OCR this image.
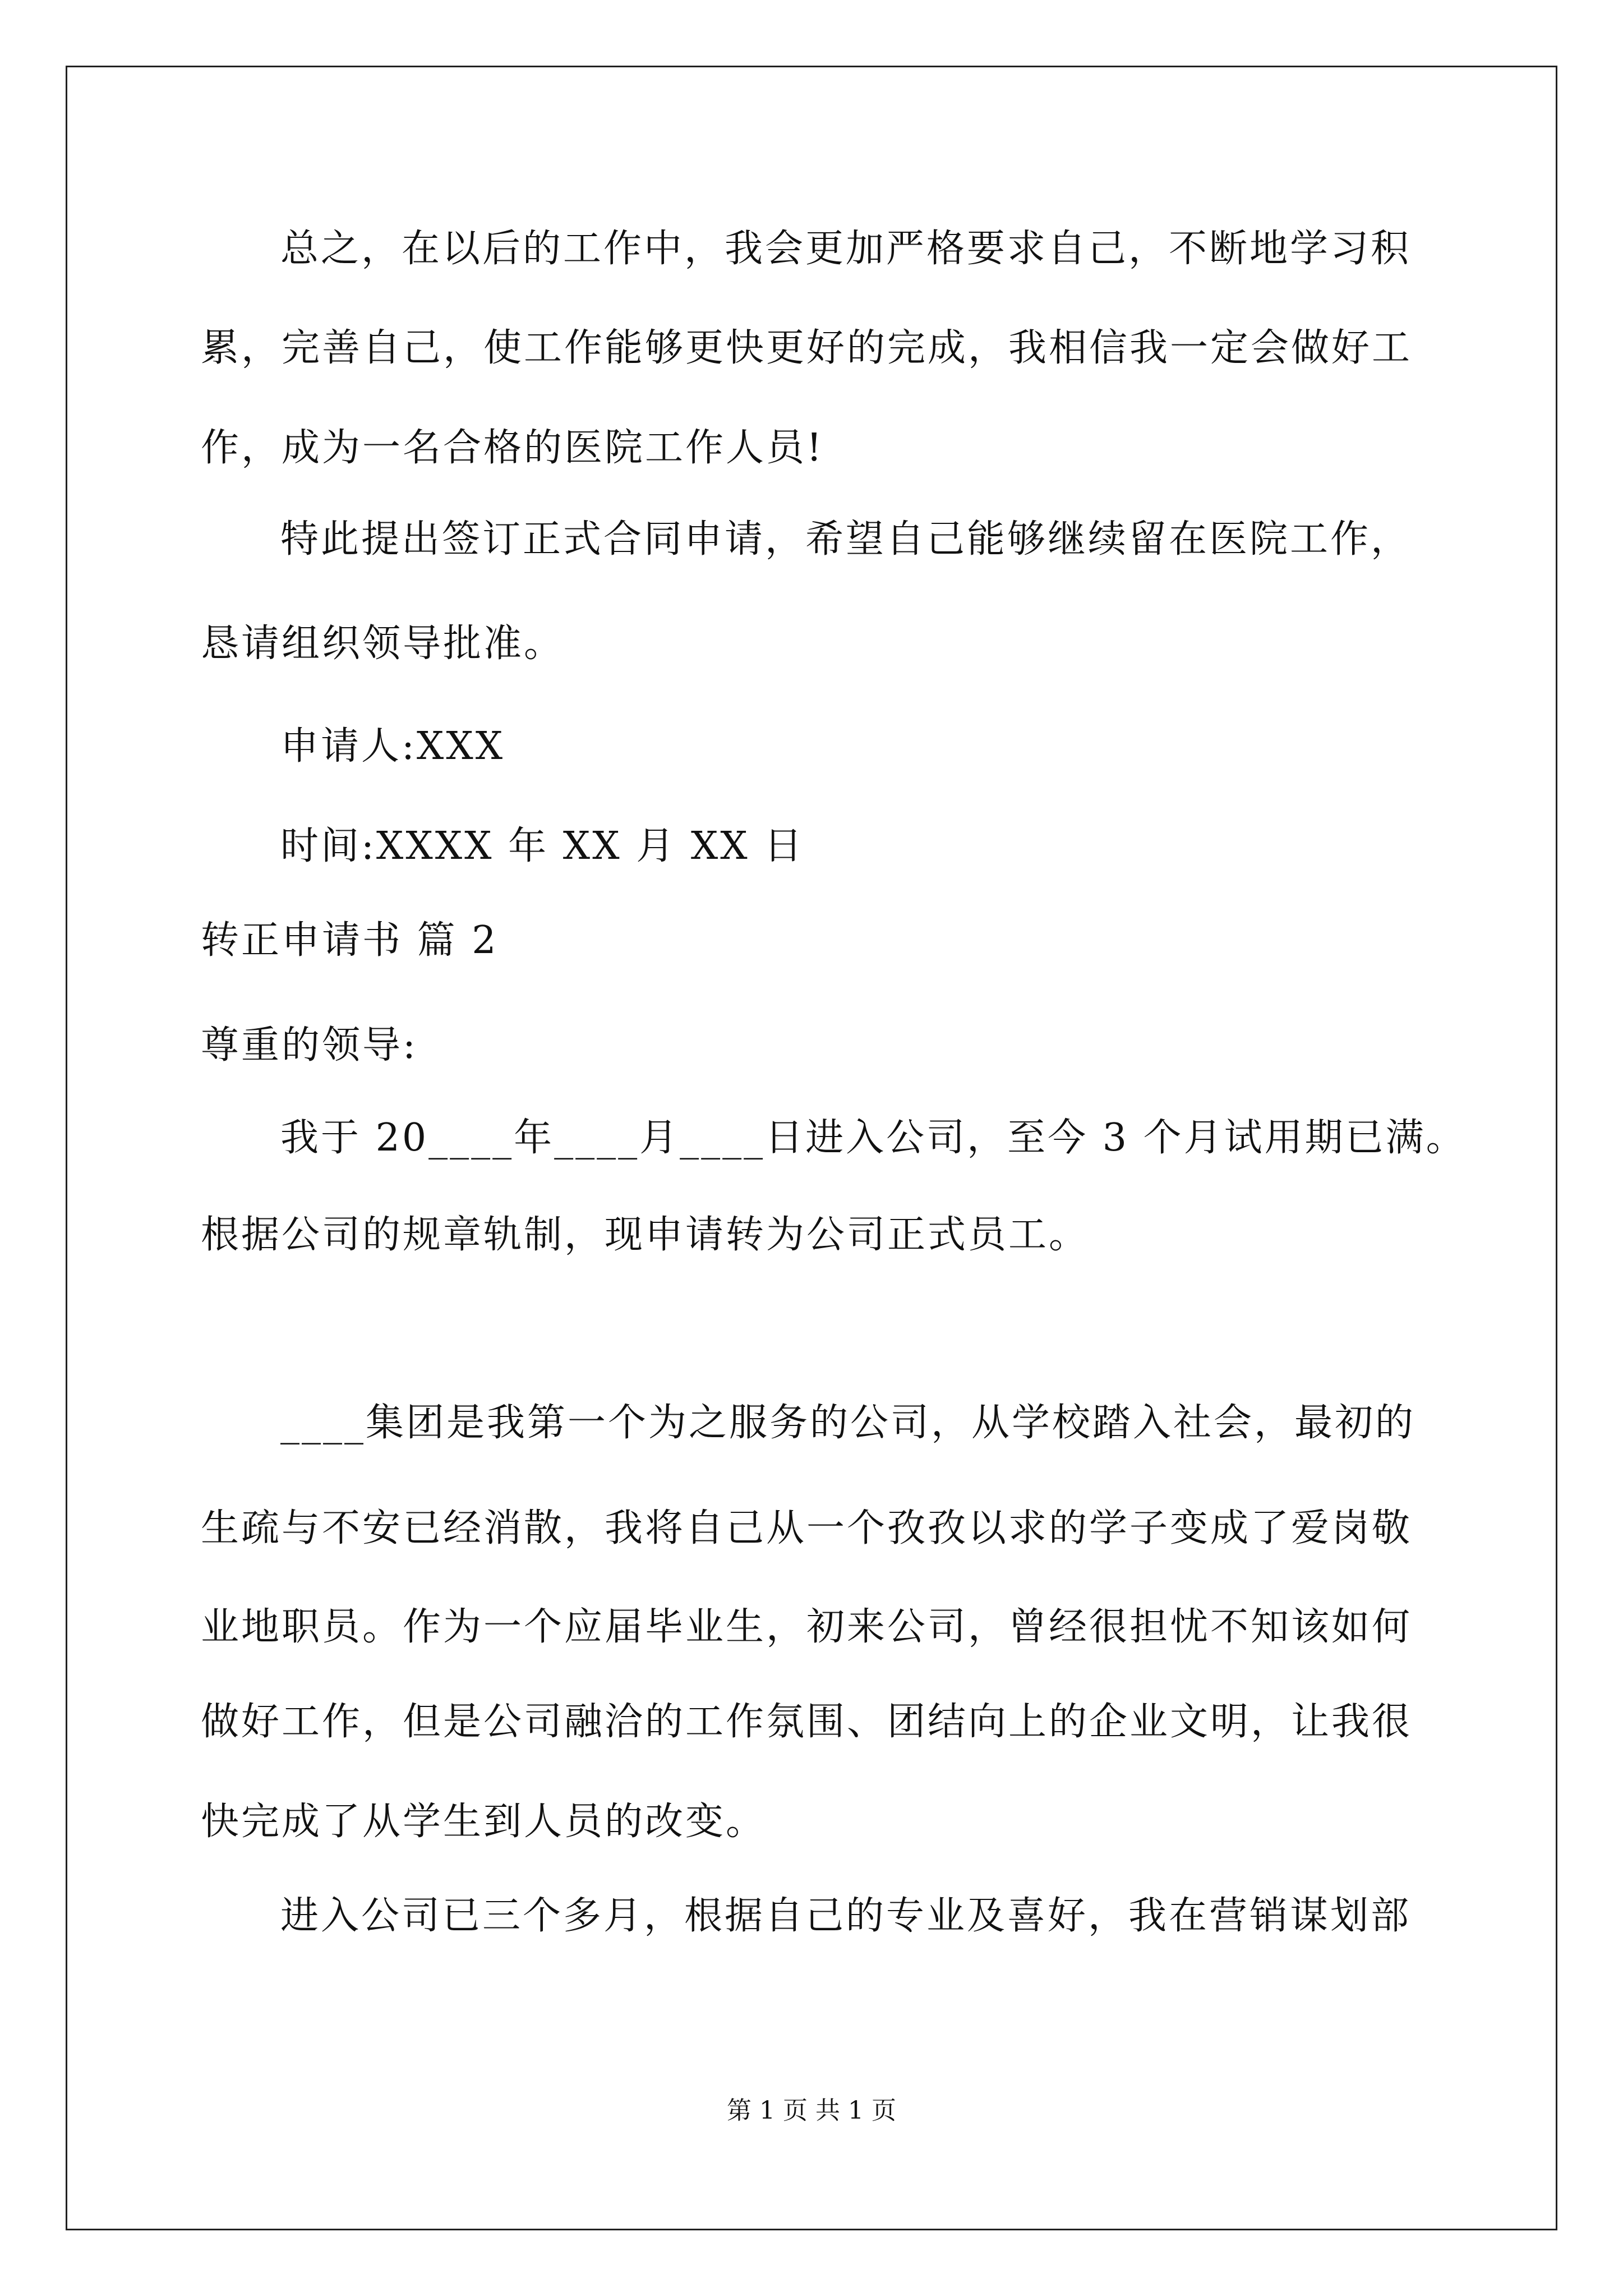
总之，在以后的工作中，我会更加严格要求自己，不断地学习积
累，完善自己，使工作能够更快更好的完成，我相信我一定会做好工
作，成为一名合格的医院工作人员!
特此提出签订正式合同申请，希望自己能够继续留在医院工作，
恳请组织领导批准。
申请人:XXX
时间:XXXX 年 XX 月 XX 日
转正申请书 篇 2
尊重的领导:
我于 20____年____月____日进入公司，至今 3 个月试用期已满。
根据公司的规章轨制，现申请转为公司正式员工。
____集团是我第一个为之服务的公司，从学校踏入社会，最初的
生疏与不安已经消散，我将自己从一个孜孜以求的学子变成了爱岗敬
业地职员。作为一个应届毕业生，初来公司，曾经很担忧不知该如何
做好工作，但是公司融洽的工作氛围、团结向上的企业文明，让我很
快完成了从学生到人员的改变。
进入公司已三个多月，根据自己的专业及喜好，我在营销谋划部
第 1 页 共 1 页
